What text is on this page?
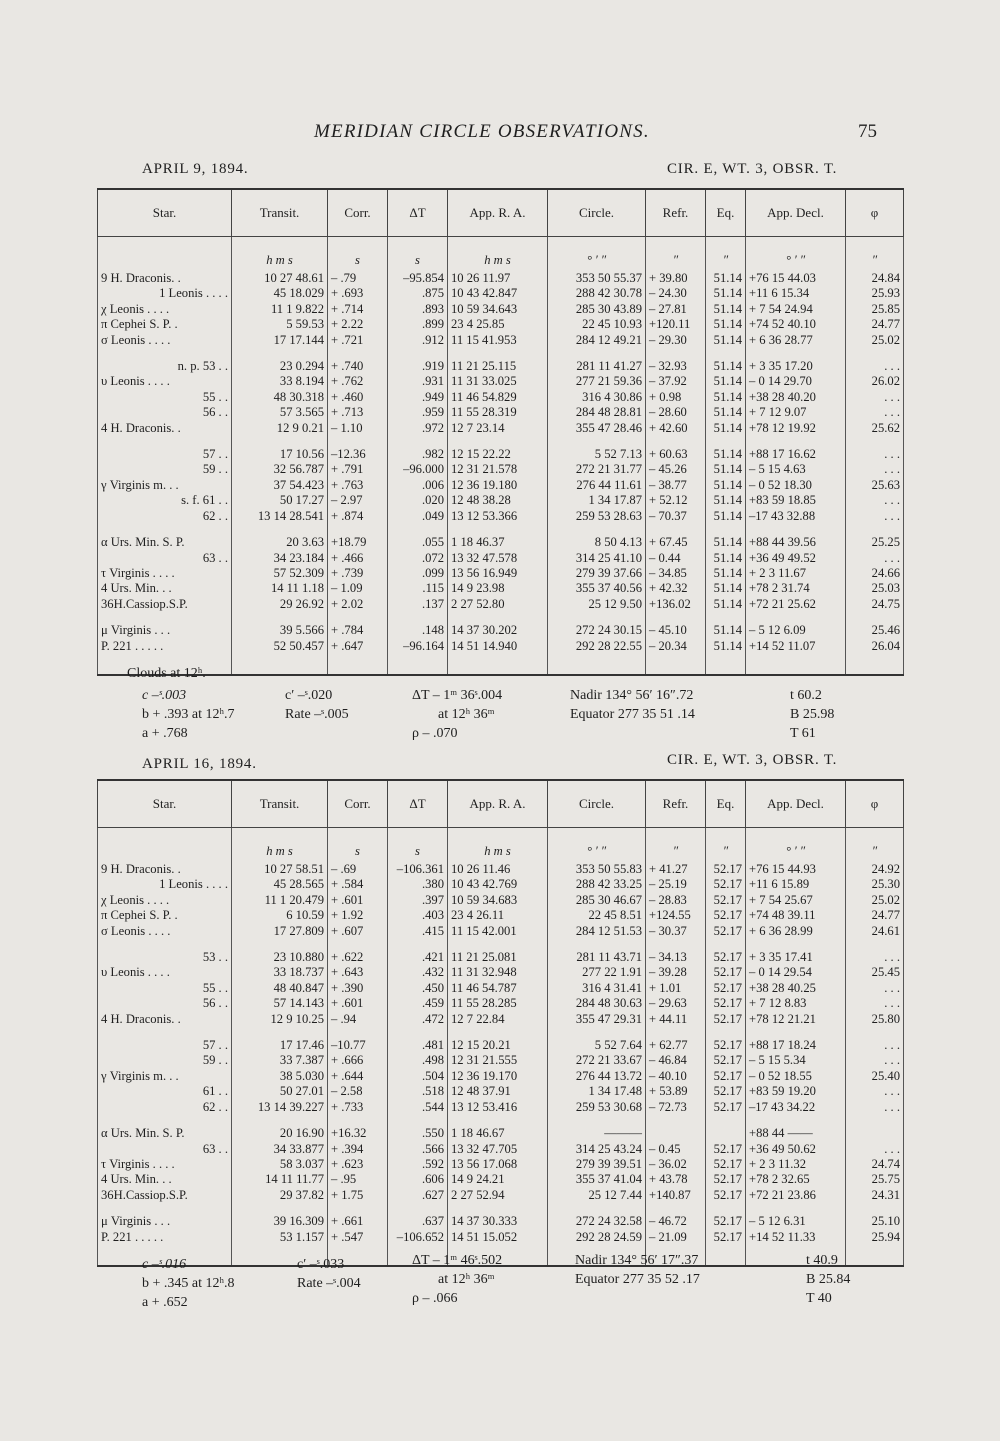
MERIDIAN CIRCLE OBSERVATIONS.	75
APRIL 9, 1894.	CIR. E, WT. 3, OBSR. T.
Star.	Transit.	Corr.	ΔT	App. R. A.	Circle.	Refr.	Eq.	App. Decl.	φ
	h m s	s	s	h m s	° ′ ″	″	″	° ′ ″	″
9 H. Draconis. .	10 27 48.61	– .79	–95.854	10 26 11.97	353 50 55.37	+ 39.80	51.14	+76 15 44.03	24.84
1 Leonis . . . .	45 18.029	+ .693	.875	10 43 42.847	288 42 30.78	– 24.30	51.14	+11 6 15.34	25.93
χ Leonis . . . .	11 1 9.822	+ .714	.893	10 59 34.643	285 30 43.89	– 27.81	51.14	+ 7 54 24.94	25.85
π Cephei S. P. .	5 59.53	+ 2.22	.899	23 4 25.85	22 45 10.93	+120.11	51.14	+74 52 40.10	24.77
σ Leonis . . . .	17 17.144	+ .721	.912	11 15 41.953	284 12 49.21	– 29.30	51.14	+ 6 36 28.77	25.02

n. p. 53 . .	23 0.294	+ .740	.919	11 21 25.115	281 11 41.27	– 32.93	51.14	+ 3 35 17.20	. . .
υ Leonis . . . .	33 8.194	+ .762	.931	11 31 33.025	277 21 59.36	– 37.92	51.14	– 0 14 29.70	26.02
55 . .	48 30.318	+ .460	.949	11 46 54.829	316 4 30.86	+ 0.98	51.14	+38 28 40.20	. . .
56 . .	57 3.565	+ .713	.959	11 55 28.319	284 48 28.81	– 28.60	51.14	+ 7 12 9.07	. . .
4 H. Draconis. .	12 9 0.21	– 1.10	.972	12 7 23.14	355 47 28.46	+ 42.60	51.14	+78 12 19.92	25.62

57 . .	17 10.56	–12.36	.982	12 15 22.22	5 52 7.13	+ 60.63	51.14	+88 17 16.62	. . .
59 . .	32 56.787	+ .791	–96.000	12 31 21.578	272 21 31.77	– 45.26	51.14	– 5 15 4.63	. . .
γ Virginis m. . .	37 54.423	+ .763	.006	12 36 19.180	276 44 11.61	– 38.77	51.14	– 0 52 18.30	25.63
s. f. 61 . .	50 17.27	– 2.97	.020	12 48 38.28	1 34 17.87	+ 52.12	51.14	+83 59 18.85	. . .
62 . .	13 14 28.541	+ .874	.049	13 12 53.366	259 53 28.63	– 70.37	51.14	–17 43 32.88	. . .

α Urs. Min. S. P.	20 3.63	+18.79	.055	1 18 46.37	8 50 4.13	+ 67.45	51.14	+88 44 39.56	25.25
63 . .	34 23.184	+ .466	.072	13 32 47.578	314 25 41.10	– 0.44	51.14	+36 49 49.52	. . .
τ Virginis . . . .	57 52.309	+ .739	.099	13 56 16.949	279 39 37.66	– 34.85	51.14	+ 2 3 11.67	24.66
4 Urs. Min. . .	14 11 1.18	– 1.09	.115	14 9 23.98	355 37 40.56	+ 42.32	51.14	+78 2 31.74	25.03
36H.Cassiop.S.P.	29 26.92	+ 2.02	.137	2 27 52.80	25 12 9.50	+136.02	51.14	+72 21 25.62	24.75

μ Virginis . . .	39 5.566	+ .784	.148	14 37 30.202	272 24 30.15	– 45.10	51.14	– 5 12 6.09	25.46
P. 221 . . . . .	52 50.457	+ .647	–96.164	14 51 14.940	292 28 22.55	– 20.34	51.14	+14 52 11.07	26.04

Clouds at 12ʰ.
c –ˢ.003
b + .393 at 12ʰ.7
a + .768
c′ –ˢ.020
Rate –ˢ.005
ΔT – 1ᵐ 36ˢ.004
at 12ʰ 36ᵐ
ρ – .070
Nadir 134° 56′ 16″.72
Equator 277 35 51 .14
t 60.2
B 25.98
T 61
APRIL 16, 1894.	CIR. E, WT. 3, OBSR. T.
Star.	Transit.	Corr.	ΔT	App. R. A.	Circle.	Refr.	Eq.	App. Decl.	φ
	h m s	s	s	h m s	° ′ ″	″	″	° ′ ″	″
9 H. Draconis. .	10 27 58.51	– .69	–106.361	10 26 11.46	353 50 55.83	+ 41.27	52.17	+76 15 44.93	24.92
1 Leonis . . . .	45 28.565	+ .584	.380	10 43 42.769	288 42 33.25	– 25.19	52.17	+11 6 15.89	25.30
χ Leonis . . . .	11 1 20.479	+ .601	.397	10 59 34.683	285 30 46.67	– 28.83	52.17	+ 7 54 25.67	25.02
π Cephei S. P. .	6 10.59	+ 1.92	.403	23 4 26.11	22 45 8.51	+124.55	52.17	+74 48 39.11	24.77
σ Leonis . . . .	17 27.809	+ .607	.415	11 15 42.001	284 12 51.53	– 30.37	52.17	+ 6 36 28.99	24.61

53 . .	23 10.880	+ .622	.421	11 21 25.081	281 11 43.71	– 34.13	52.17	+ 3 35 17.41	. . .
υ Leonis . . . .	33 18.737	+ .643	.432	11 31 32.948	277 22 1.91	– 39.28	52.17	– 0 14 29.54	25.45
55 . .	48 40.847	+ .390	.450	11 46 54.787	316 4 31.41	+ 1.01	52.17	+38 28 40.25	. . .
56 . .	57 14.143	+ .601	.459	11 55 28.285	284 48 30.63	– 29.63	52.17	+ 7 12 8.83	. . .
4 H. Draconis. .	12 9 10.25	– .94	.472	12 7 22.84	355 47 29.31	+ 44.11	52.17	+78 12 21.21	25.80

57 . .	17 17.46	–10.77	.481	12 15 20.21	5 52 7.64	+ 62.77	52.17	+88 17 18.24	. . .
59 . .	33 7.387	+ .666	.498	12 31 21.555	272 21 33.67	– 46.84	52.17	– 5 15 5.34	. . .
γ Virginis m. . .	38 5.030	+ .644	.504	12 36 19.170	276 44 13.72	– 40.10	52.17	– 0 52 18.55	25.40
61 . .	50 27.01	– 2.58	.518	12 48 37.91	1 34 17.48	+ 53.89	52.17	+83 59 19.20	. . .
62 . .	13 14 39.227	+ .733	.544	13 12 53.416	259 53 30.68	– 72.73	52.17	–17 43 34.22	. . .

α Urs. Min. S. P.	20 16.90	+16.32	.550	1 18 46.67	———			+88 44 ——	
63 . .	34 33.877	+ .394	.566	13 32 47.705	314 25 43.24	– 0.45	52.17	+36 49 50.62	. . .
τ Virginis . . . .	58 3.037	+ .623	.592	13 56 17.068	279 39 39.51	– 36.02	52.17	+ 2 3 11.32	24.74
4 Urs. Min. . .	14 11 11.77	– .95	.606	14 9 24.21	355 37 41.04	+ 43.78	52.17	+78 2 32.65	25.75
36H.Cassiop.S.P.	29 37.82	+ 1.75	.627	2 27 52.94	25 12 7.44	+140.87	52.17	+72 21 23.86	24.31

μ Virginis . . .	39 16.309	+ .661	.637	14 37 30.333	272 24 32.58	– 46.72	52.17	– 5 12 6.31	25.10
P. 221 . . . . .	53 1.157	+ .547	–106.652	14 51 15.052	292 28 24.59	– 21.09	52.17	+14 52 11.33	25.94

c –ˢ.016
b + .345 at 12ʰ.8
a + .652
c′ –ˢ.033
Rate –ˢ.004
ΔT – 1ᵐ 46ˢ.502
at 12ʰ 36ᵐ
ρ – .066
Nadir 134° 56′ 17″.37
Equator 277 35 52 .17
t 40.9
B 25.84
T 40
